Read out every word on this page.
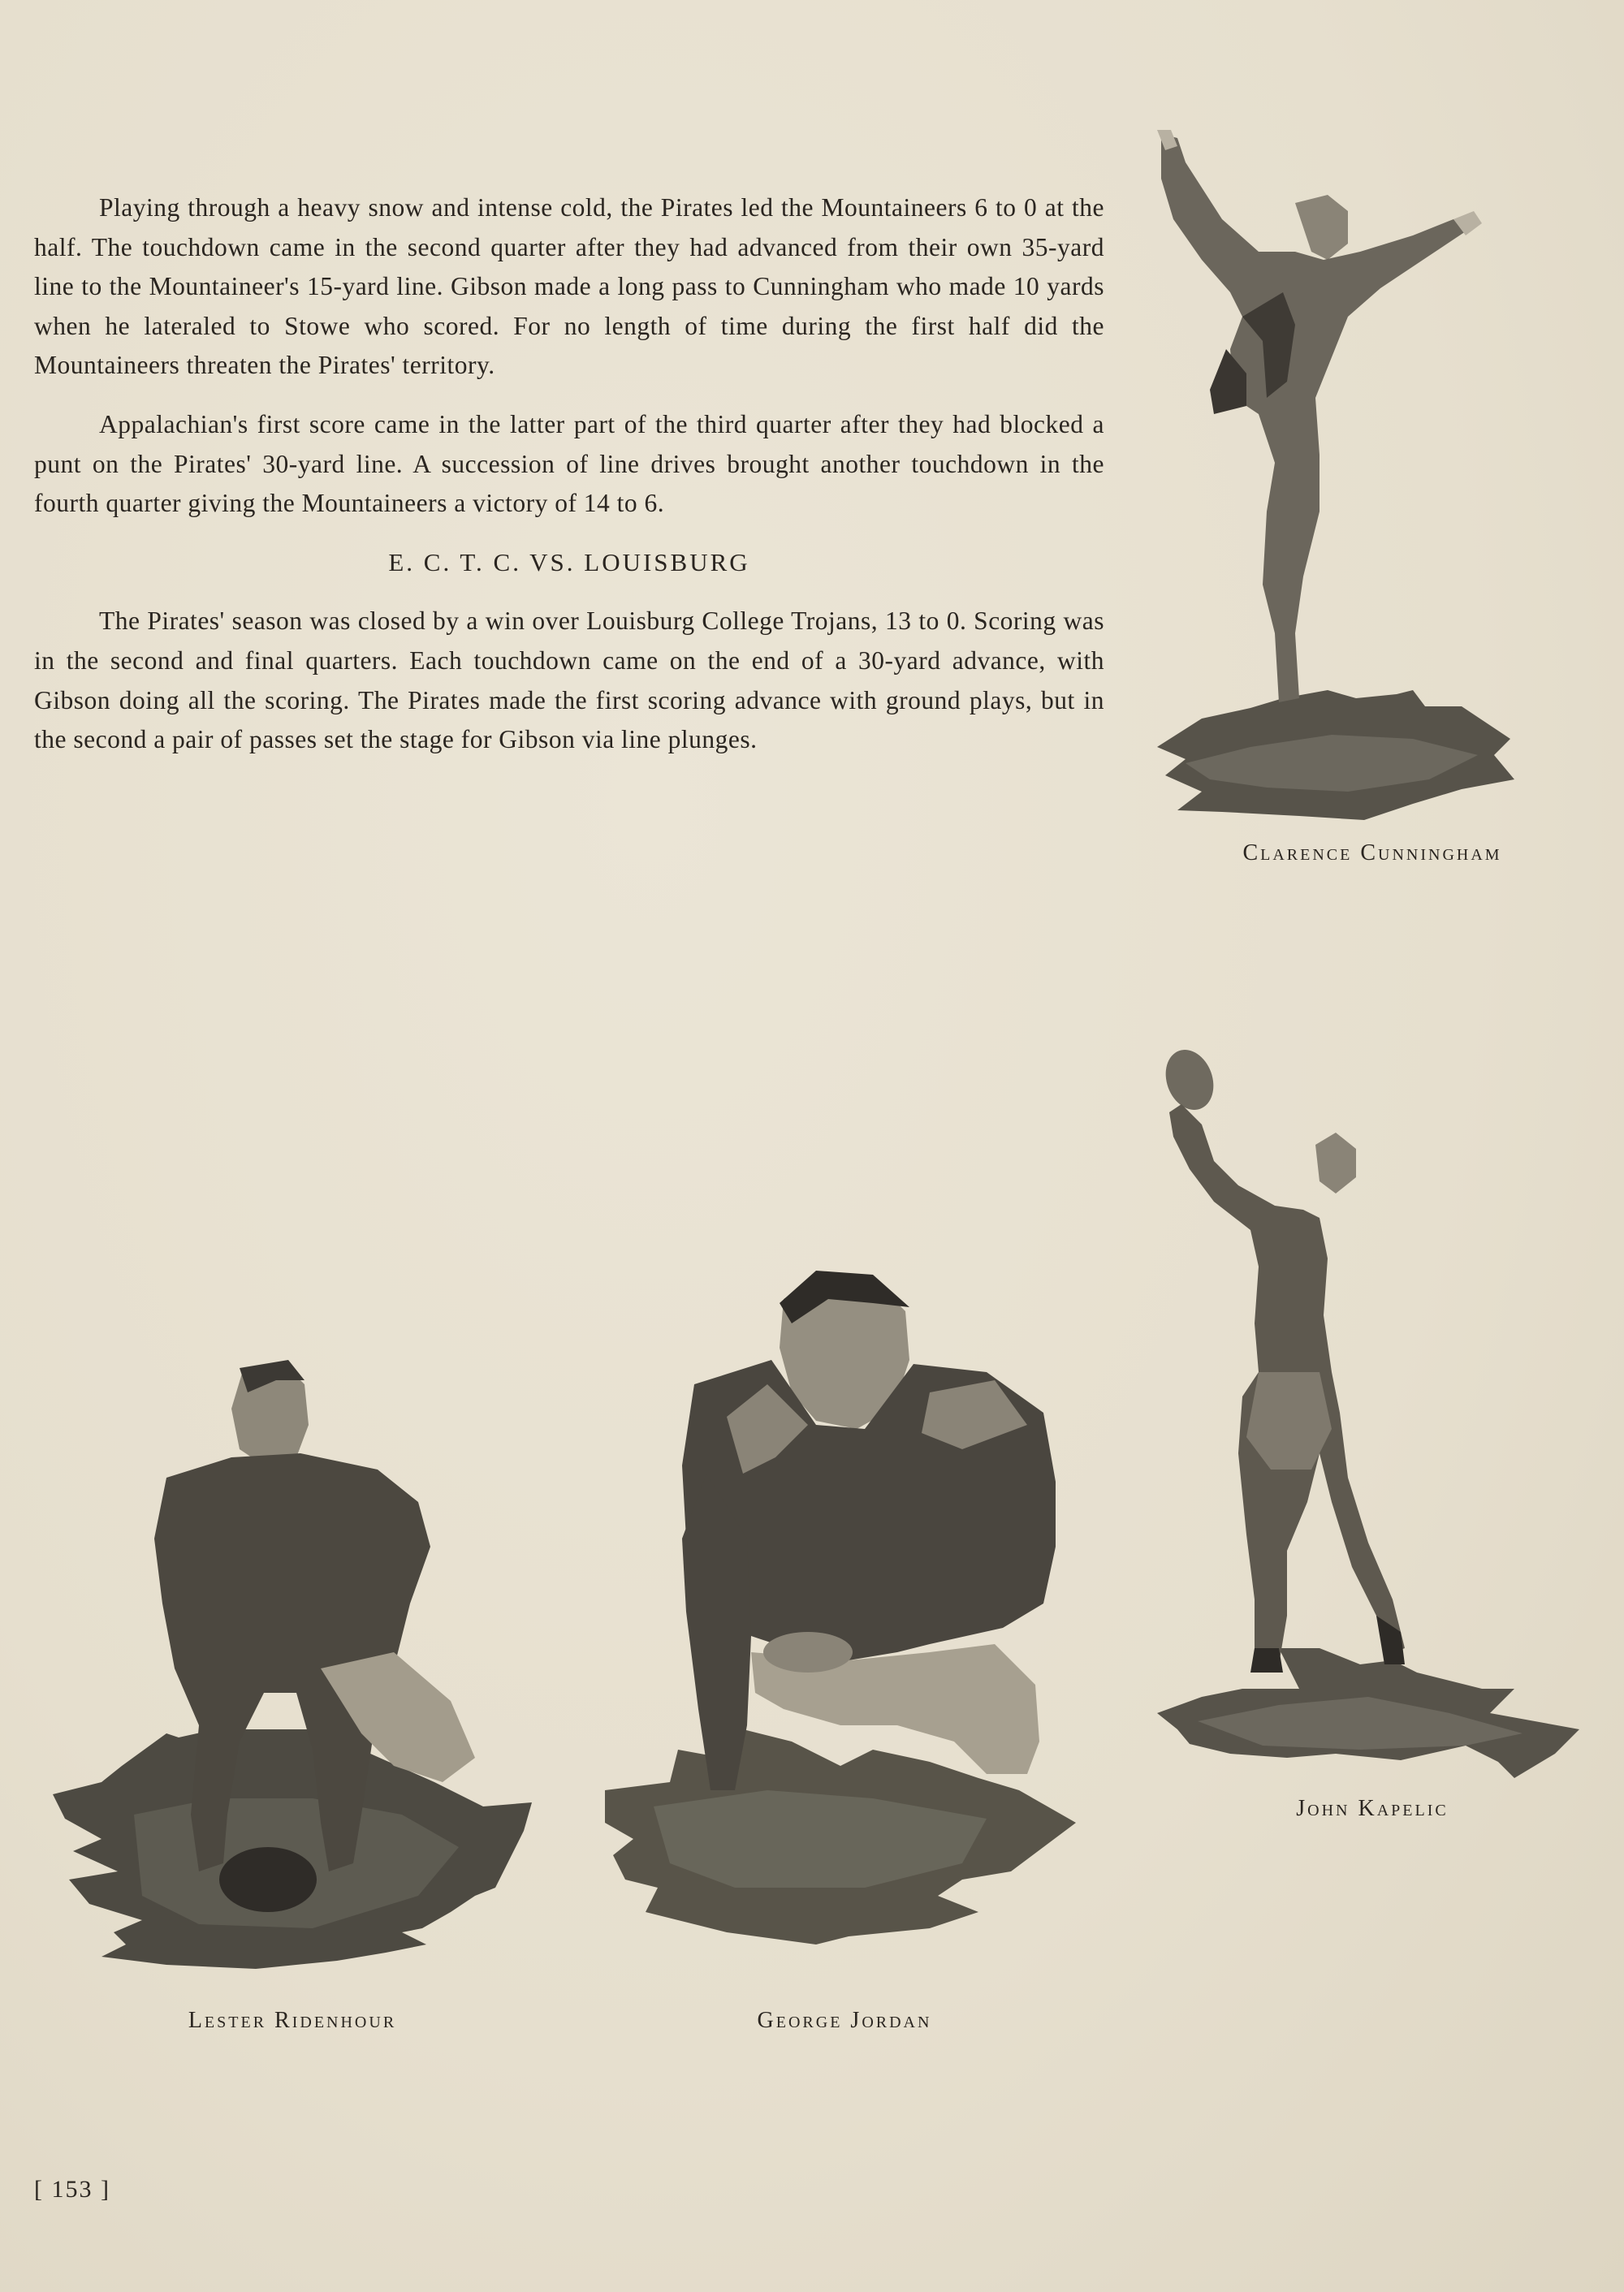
Playing through a heavy snow and intense cold, the Pirates led the Mountaineers 6 to 0 at the half. The touchdown came in the second quarter after they had advanced from their own 35-yard line to the Mountaineer's 15-yard line. Gibson made a long pass to Cunningham who made 10 yards when he lateraled to Stowe who scored. For no length of time during the first half did the Mountaineers threaten the Pirates' territory.

Appalachian's first score came in the latter part of the third quarter after they had blocked a punt on the Pirates' 30-yard line. A succession of line drives brought another touchdown in the fourth quarter giving the Mountaineers a victory of 14 to 6.

E. C. T. C. VS. LOUISBURG

The Pirates' season was closed by a win over Louisburg College Trojans, 13 to 0. Scoring was in the second and final quarters. Each touchdown came on the end of a 30-yard advance, with Gibson doing all the scoring. The Pirates made the first scoring advance with ground plays, but in the second a pair of passes set the stage for Gibson via line plunges.

Clarence Cunningham
John Kapelic
Lester Ridenhour	George Jordan
[ 153 ]
